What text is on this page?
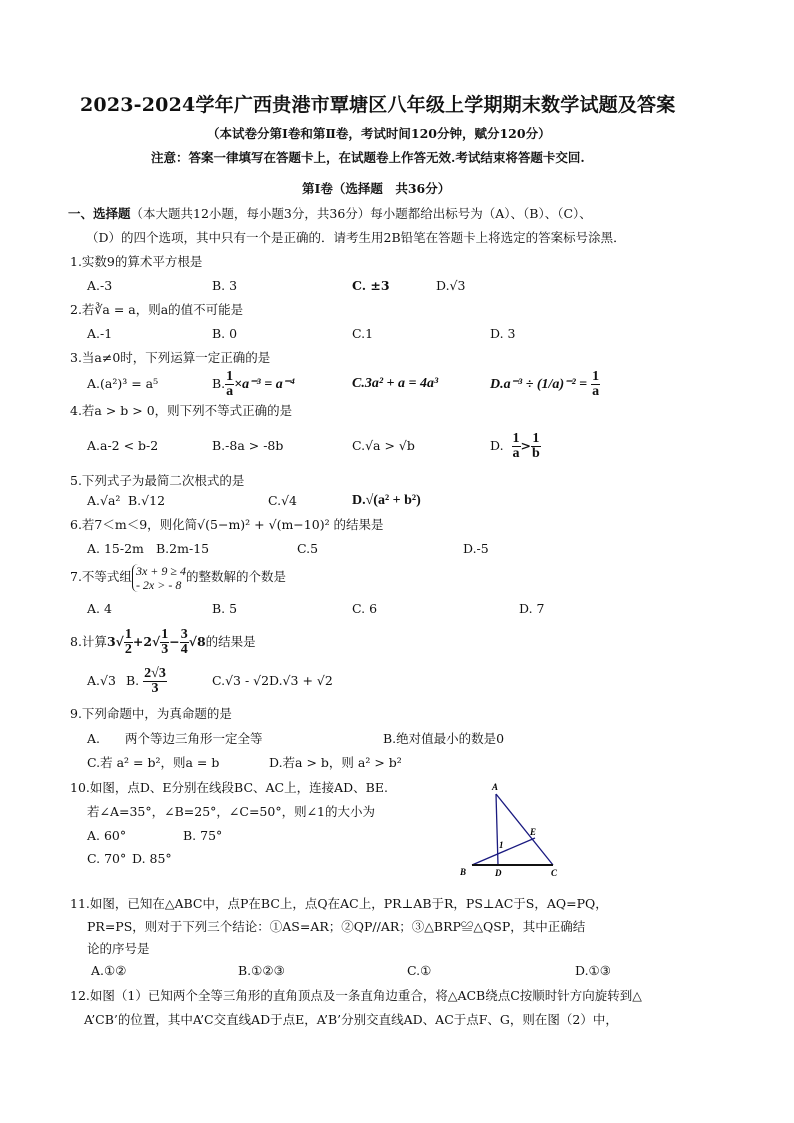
2023-2024学年广西贵港市覃塘区八年级上学期期末数学试题及答案
（本试卷分第Ⅰ卷和第Ⅱ卷，考试时间120分钟，赋分120分）
注意：答案一律填写在答题卡上，在试题卷上作答无效.考试结束将答题卡交回.
第Ⅰ卷（选择题　共36分）
一、选择题（本大题共12小题，每小题3分，共36分）每小题都给出标号为（A）、（B）、（C）、
（D）的四个选项，其中只有一个是正确的．请考生用2B铅笔在答题卡上将选定的答案标号涂黑．
1.实数9的算术平方根是
A.-3	B. 3	C. ±3	D.√3
2.若∛a = a，则a的值不可能是
A.-1	B. 0	C.1	D. 3
3.当a≠0时，下列运算一定正确的是
A.(a²)³ = a⁵	B. $\frac{1}{a} \times a^{-3} = a^{-4}$	C.3a² + a = 4a³	$D.a^{-3} \div (1/a)^{-2} = \frac{1}{a}$
4.若a > b > 0，则下列不等式正确的是
A.a-2 < b-2	B.-8a > -8b	C.√a > √b	D. $\frac{1}{a} > \frac{1}{b}$
5.下列式子为最简二次根式的是
A.√a² B.√12	C.√4	D.√(a² + b²)
6.若7＜m＜9，则化简√(5−m)² + √(m−10)² 的结果是
A. 15-2m B.2m-15	C.5	D.-5
7.不等式组 3x + 9 ≥ 4
- 2x > - 8
的整数解的个数是
A. 4	B. 5	C. 6	D. 7
8.计算$3√ \frac{1}{2} +2√ \frac{1}{3} - \frac{3}{4} √8$的结果是
A.√3 B. $\frac{2√3}{3}$	C.√3 - √2 D.√3 + √2
9.下列命题中，为真命题的是
A.　　两个等边三角形一定全等	B.绝对值最小的数是0
C.若 a² = b²，则a = b	D.若a > b，则 a² > b²
10.如图，点D、E分别在线段BC、AC上，连接AD、BE.
若∠A=35°，∠B=25°，∠C=50°，则∠1的大小为
A. 60°	B. 75°
C. 70° D. 85°
A
B	C
D
E
1
11.如图，已知在△ABC中，点P在BC上，点Q在AC上，PR⊥AB于R，PS⊥AC于S，AQ=PQ，
PR=PS，则对于下列三个结论：①AS=AR；②QP//AR；③△BRP≌△QSP，其中正确结
论的序号是
A.①②	B.①②③	C.①	D.①③
12.如图（1）已知两个全等三角形的直角顶点及一条直角边重合，将△ACB绕点C按顺时针方向旋转到△
A’CB’的位置，其中A’C交直线AD于点E，A’B’分别交直线AD、AC于点F、G，则在图（2）中，
